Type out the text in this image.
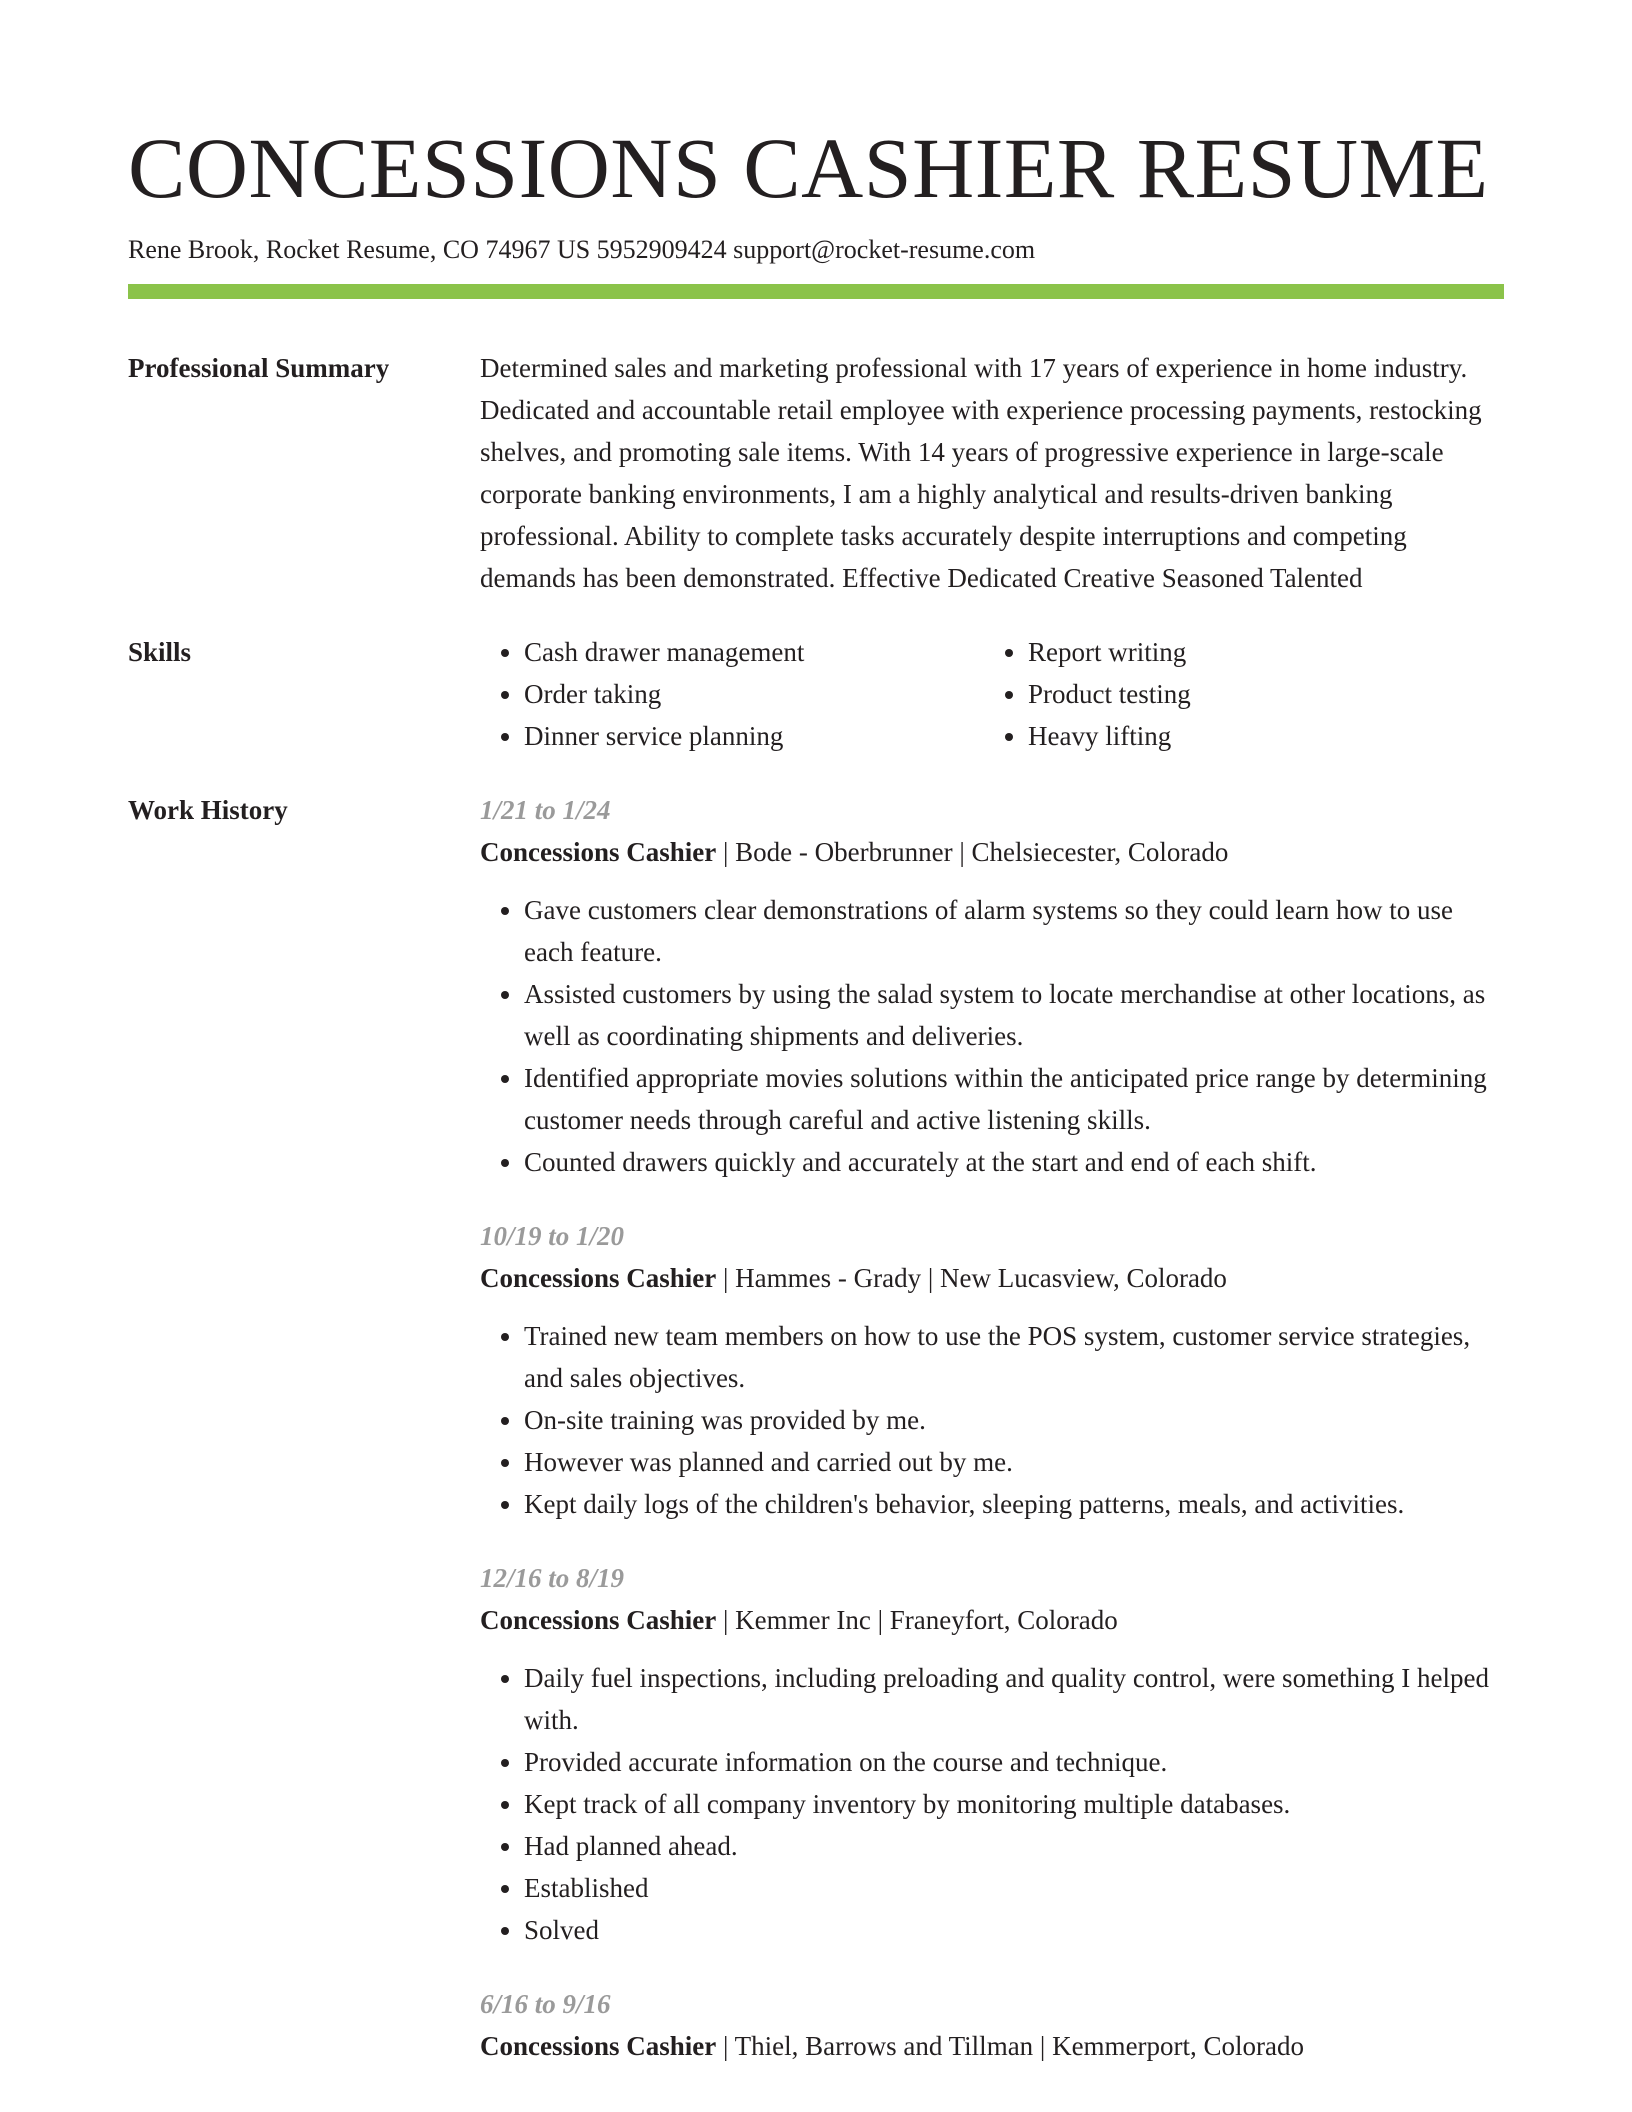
CONCESSIONS CASHIER RESUME
Rene Brook, Rocket Resume, CO 74967 US 5952909424 support@rocket-resume.com
Professional Summary	Determined sales and marketing professional with 17 years of experience in home industry. Dedicated and accountable retail employee with experience processing payments, restocking shelves, and promoting sale items. With 14 years of progressive experience in large-scale corporate banking environments, I am a highly analytical and results-driven banking professional. Ability to complete tasks accurately despite interruptions and competing demands has been demonstrated. Effective Dedicated Creative Seasoned Talented

Skills
•	Cash drawer management
• Order taking
• Dinner service planning
• Report writing
• Product testing
• Heavy lifting
Work History	1/21 to 1/24
Concessions Cashier | Bode - Oberbrunner | Chelsiecester, Colorado
• Gave customers clear demonstrations of alarm systems so they could learn how to use each feature.
• Assisted customers by using the salad system to locate merchandise at other locations, as well as coordinating shipments and deliveries.
• Identified appropriate movies solutions within the anticipated price range by determining customer needs through careful and active listening skills.
• Counted drawers quickly and accurately at the start and end of each shift.
10/19 to 1/20
Concessions Cashier | Hammes - Grady | New Lucasview, Colorado
• Trained new team members on how to use the POS system, customer service strategies, and sales objectives.
• On-site training was provided by me.
• However was planned and carried out by me.
• Kept daily logs of the children's behavior, sleeping patterns, meals, and activities.
12/16 to 8/19
Concessions Cashier | Kemmer Inc | Franeyfort, Colorado
• Daily fuel inspections, including preloading and quality control, were something I helped with.
• Provided accurate information on the course and technique.
• Kept track of all company inventory by monitoring multiple databases.
• Had planned ahead.
• Established
• Solved
6/16 to 9/16
Concessions Cashier | Thiel, Barrows and Tillman | Kemmerport, Colorado
